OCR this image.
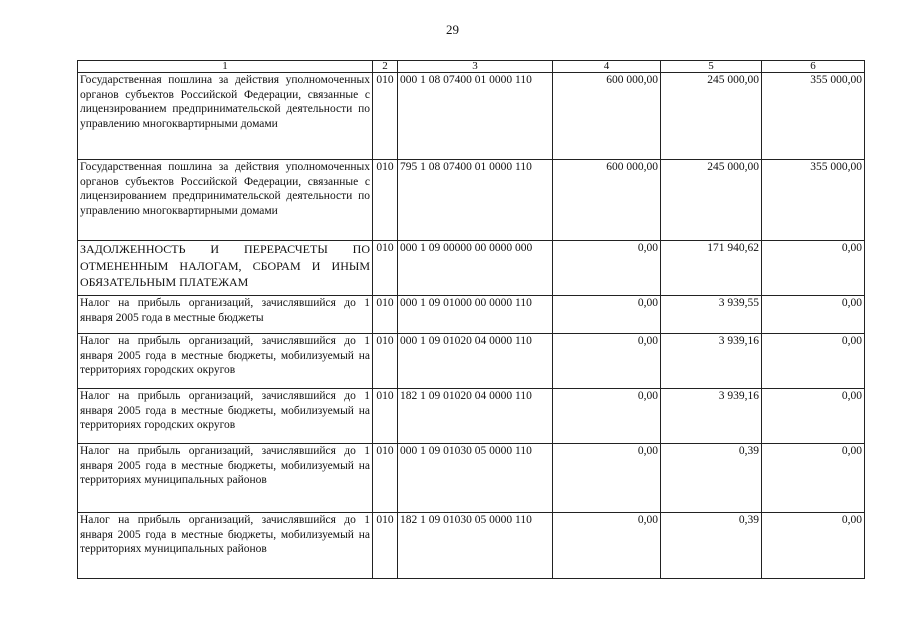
29
1	2	3	4	5	6
Государственная пошлина за действия уполномоченных органов субъектов Российской Федерации, связанные с лицензированием предпринимательской деятельности по управлению многоквартирными домами	010	000 1 08 07400 01 0000 110	600 000,00	245 000,00	355 000,00
Государственная пошлина за действия уполномоченных органов субъектов Российской Федерации, связанные с лицензированием предпринимательской деятельности по управлению многоквартирными домами	010	795 1 08 07400 01 0000 110	600 000,00	245 000,00	355 000,00
ЗАДОЛЖЕННОСТЬ И ПЕРЕРАСЧЕТЫ ПО ОТМЕНЕННЫМ НАЛОГАМ, СБОРАМ И ИНЫМ ОБЯЗАТЕЛЬНЫМ ПЛАТЕЖАМ	010	000 1 09 00000 00 0000 000	0,00	171 940,62	0,00
Налог на прибыль организаций, зачислявшийся до 1 января 2005 года в местные бюджеты	010	000 1 09 01000 00 0000 110	0,00	3 939,55	0,00
Налог на прибыль организаций, зачислявшийся до 1 января 2005 года в местные бюджеты, мобилизуемый на территориях городских округов	010	000 1 09 01020 04 0000 110	0,00	3 939,16	0,00
Налог на прибыль организаций, зачислявшийся до 1 января 2005 года в местные бюджеты, мобилизуемый на территориях городских округов	010	182 1 09 01020 04 0000 110	0,00	3 939,16	0,00
Налог на прибыль организаций, зачислявшийся до 1 января 2005 года в местные бюджеты, мобилизуемый на территориях муниципальных районов	010	000 1 09 01030 05 0000 110	0,00	0,39	0,00
Налог на прибыль организаций, зачислявшийся до 1 января 2005 года в местные бюджеты, мобилизуемый на территориях муниципальных районов	010	182 1 09 01030 05 0000 110	0,00	0,39	0,00
